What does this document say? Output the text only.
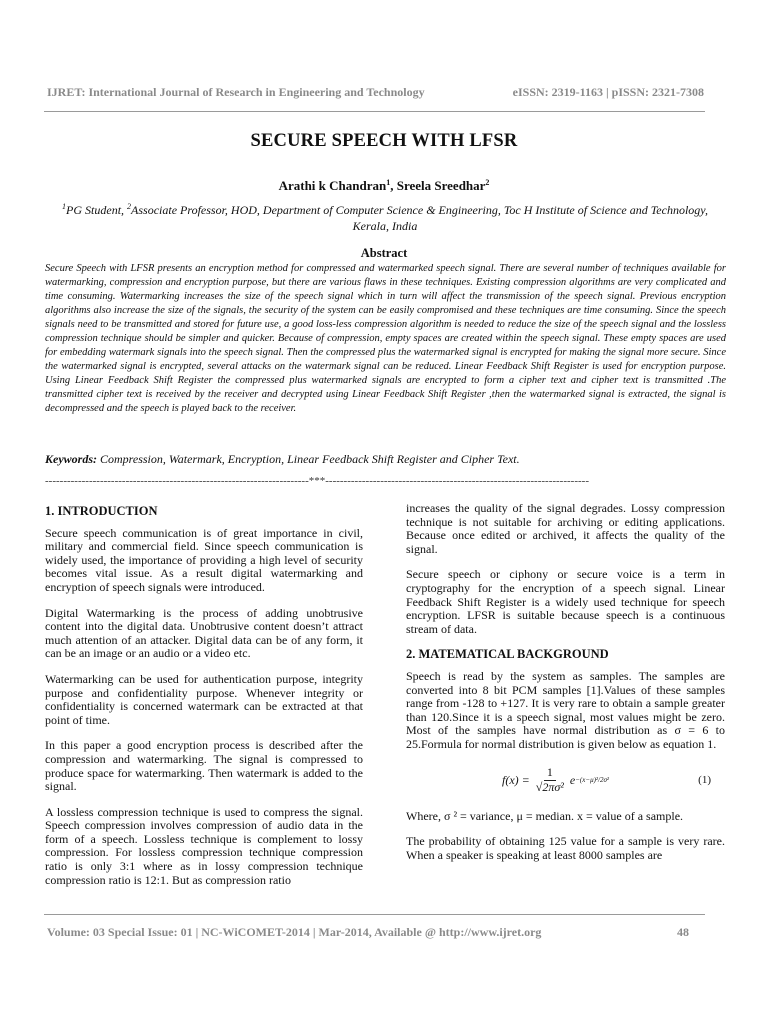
IJRET: International Journal of Research in Engineering and Technology	eISSN: 2319-1163 | pISSN: 2321-7308
SECURE SPEECH WITH LFSR
Arathi k Chandran$^1$, Sreela Sreedhar$^2$
$^1$PG Student, $^2$Associate Professor, HOD, Department of Computer Science & Engineering, Toc H Institute of Science and Technology, Kerala, India
Abstract
Secure Speech with LFSR presents an encryption method for compressed and watermarked speech signal. There are several number of techniques available for watermarking, compression and encryption purpose, but there are various flaws in these techniques. Existing compression algorithms are very complicated and time consuming. Watermarking increases the size of the speech signal which in turn will affect the transmission of the speech signal. Previous encryption algorithms also increase the size of the signals, the security of the system can be easily compromised and these techniques are time consuming. Since the speech signals need to be transmitted and stored for future use, a good loss-less compression algorithm is needed to reduce the size of the speech signal and the lossless compression technique should be simpler and quicker. Because of compression, empty spaces are created within the speech signal. These empty spaces are used for embedding watermark signals into the speech signal. Then the compressed plus the watermarked signal is encrypted for making the signal more secure. Since the watermarked signal is encrypted, several attacks on the watermark signal can be reduced. Linear Feedback Shift Register is used for encryption purpose. Using Linear Feedback Shift Register the compressed plus watermarked signals are encrypted to form a cipher text and cipher text is transmitted .The transmitted cipher text is received by the receiver and decrypted using Linear Feedback Shift Register ,then the watermarked signal is extracted, the signal is decompressed and the speech is played back to the receiver.
Keywords: Compression, Watermark, Encryption, Linear Feedback Shift Register and Cipher Text.
------------------------------------------------------------------------***------------------------------------------------------------------------
1. INTRODUCTION

Secure speech communication is of great importance in civil, military and commercial field. Since speech communication is widely used, the importance of providing a high level of security becomes vital issue. As a result digital watermarking and encryption of speech signals were introduced.

Digital Watermarking is the process of adding unobtrusive content into the digital data. Unobtrusive content doesn’t attract much attention of an attacker. Digital data can be of any form, it can be an image or an audio or a video etc.

Watermarking can be used for authentication purpose, integrity purpose and confidentiality purpose. Whenever integrity or confidentiality is concerned watermark can be extracted at that point of time.

In this paper a good encryption process is described after the compression and watermarking. The signal is compressed to produce space for watermarking. Then watermark is added to the signal.

A lossless compression technique is used to compress the signal. Speech compression involves compression of audio data in the form of a speech. Lossless technique is complement to lossy compression. For lossless compression technique compression ratio is only 3:1 where as in lossy compression technique compression ratio is 12:1. But as compression ratio

increases the quality of the signal degrades. Lossy compression technique is not suitable for archiving or editing applications. Because once edited or archived, it affects the quality of the signal.

Secure speech or ciphony or secure voice is a term in cryptography for the encryption of a speech signal. Linear Feedback Shift Register is a widely used technique for speech encryption. LFSR is suitable because speech is a continuous stream of data.

2. MATEMATICAL BACKGROUND

Speech is read by the system as samples. The samples are converted into 8 bit PCM samples [1].Values of these samples range from -128 to +127. It is very rare to obtain a sample greater than 120.Since it is a speech signal, most values might be zero. Most of the samples have normal distribution as σ = 6 to 25.Formula for normal distribution is given below as equation 1.

$f(x) = \frac{1}{\text{√2πσ²}}$ e −(x−μ)²/2σ²	(1)

Where, σ ² = variance, μ = median. x = value of a sample.

The probability of obtaining 125 value for a sample is very rare. When a speaker is speaking at least 8000 samples are

Volume: 03 Special Issue: 01 | NC-WiCOMET-2014 | Mar-2014, Available @ http://www.ijret.org	48
